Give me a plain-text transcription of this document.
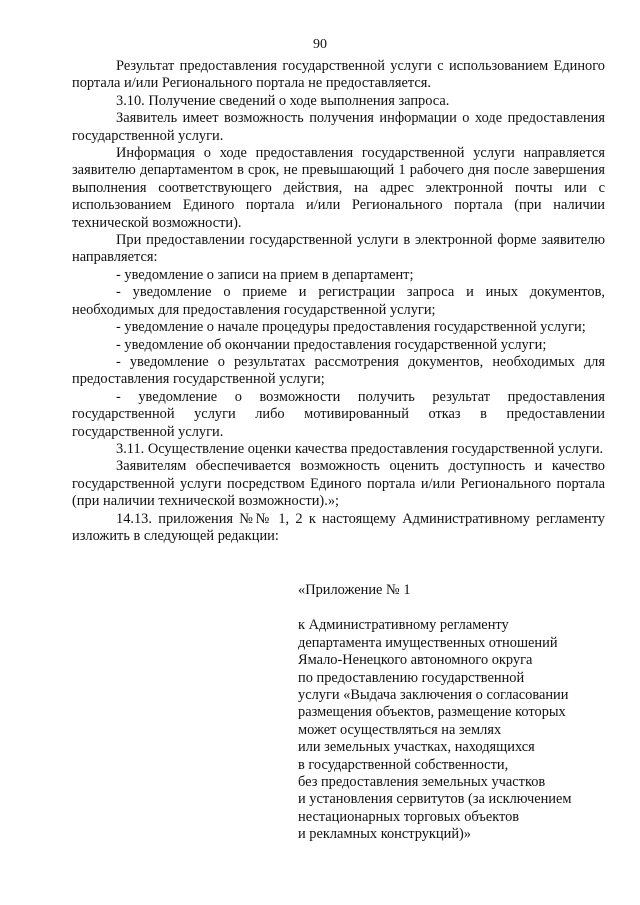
90

Результат предоставления государственной услуги с использованием Единого портала и/или Регионального портала не предоставляется.

3.10. Получение сведений о ходе выполнения запроса.

Заявитель имеет возможность получения информации о ходе предоставления государственной услуги.

Информация о ходе предоставления государственной услуги направляется заявителю департаментом в срок, не превышающий 1 рабочего дня после завершения выполнения соответствующего действия, на адрес электронной почты или с использованием Единого портала и/или Регионального портала (при наличии технической возможности).

При предоставлении государственной услуги в электронной форме заявителю направляется:

- уведомление о записи на прием в департамент;

- уведомление о приеме и регистрации запроса и иных документов, необходимых для предоставления государственной услуги;

- уведомление о начале процедуры предоставления государственной услуги;

- уведомление об окончании предоставления государственной услуги;

- уведомление о результатах рассмотрения документов, необходимых для предоставления государственной услуги;

- уведомление о возможности получить результат предоставления государственной услуги либо мотивированный отказ в предоставлении государственной услуги.

3.11. Осуществление оценки качества предоставления государственной услуги.

Заявителям обеспечивается возможность оценить доступность и качество государственной услуги посредством Единого портала и/или Регионального портала (при наличии технической возможности).»;

14.13. приложения №№ 1, 2 к настоящему Административному регламенту изложить в следующей редакции:

«Приложение № 1

к Административному регламенту
департамента имущественных отношений
Ямало-Ненецкого автономного округа
по предоставлению государственной
услуги «Выдача заключения о согласовании
размещения объектов, размещение которых
может осуществляться на землях
или земельных участках, находящихся
в государственной собственности,
без предоставления земельных участков
и установления сервитутов (за исключением
нестационарных торговых объектов
и рекламных конструкций)»
